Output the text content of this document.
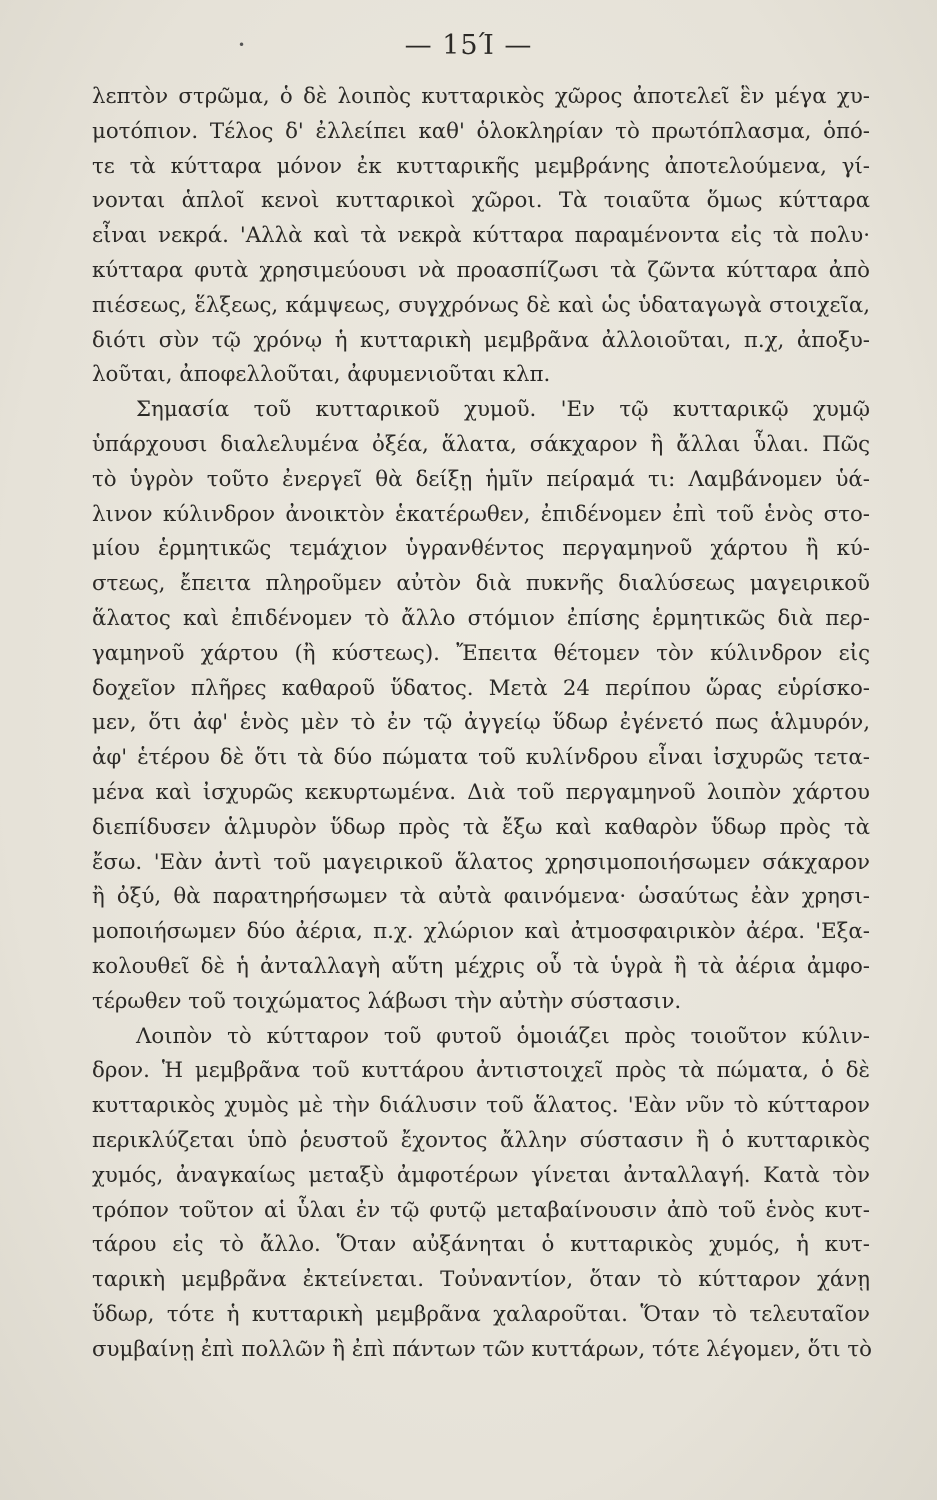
•	— 15Ί —
λεπτὸν στρῶμα, ὁ δὲ λοιπὸς κυτταρικὸς χῶρος ἀποτελεῖ ἓν μέγα χυ-
μοτόπιον. Τέλος δ' ἐλλείπει καθ' ὁλοκληρίαν τὸ πρωτόπλασμα, ὁπό-
τε τὰ κύτταρα μόνον ἐκ κυτταρικῆς μεμβράνης ἀποτελούμενα, γί-
νονται ἁπλοῖ κενοὶ κυτταρικοὶ χῶροι. Τὰ τοιαῦτα ὅμως κύτταρα
εἶναι νεκρά. 'Αλλὰ καὶ τὰ νεκρὰ κύτταρα παραμένοντα εἰς τὰ πολυ·
κύτταρα φυτὰ χρησιμεύουσι νὰ προασπίζωσι τὰ ζῶντα κύτταρα ἀπὸ
πιέσεως, ἕλξεως, κάμψεως, συγχρόνως δὲ καὶ ὡς ὑδαταγωγὰ στοιχεῖα,
διότι σὺν τῷ χρόνῳ ἡ κυτταρικὴ μεμβρᾶνα ἀλλοιοῦται, π.χ, ἀποξυ-
λοῦται, ἀποφελλοῦται, ἀφυμενιοῦται κλπ.
Σημασία τοῦ κυτταρικοῦ χυμοῦ. 'Εν τῷ κυτταρικῷ χυμῷ
ὑπάρχουσι διαλελυμένα ὀξέα, ἅλατα, σάκχαρον ἢ ἄλλαι ὗλαι. Πῶς
τὸ ὑγρὸν τοῦτο ἐνεργεῖ θὰ δείξῃ ἡμῖν πείραμά τι: Λαμβάνομεν ὑά-
λινον κύλινδρον ἀνοικτὸν ἑκατέρωθεν, ἐπιδένομεν ἐπὶ τοῦ ἑνὸς στο-
μίου ἑρμητικῶς τεμάχιον ὑγρανθέντος περγαμηνοῦ χάρτου ἢ κύ-
στεως, ἔπειτα πληροῦμεν αὐτὸν διὰ πυκνῆς διαλύσεως μαγειρικοῦ
ἅλατος καὶ ἐπιδένομεν τὸ ἄλλο στόμιον ἐπίσης ἑρμητικῶς διὰ περ-
γαμηνοῦ χάρτου (ἢ κύστεως). Ἔπειτα θέτομεν τὸν κύλινδρον εἰς
δοχεῖον πλῆρες καθαροῦ ὕδατος. Μετὰ 24 περίπου ὥρας εὑρίσκο-
μεν, ὅτι ἀφ' ἑνὸς μὲν τὸ ἐν τῷ ἀγγείῳ ὕδωρ ἐγένετό πως ἁλμυρόν,
ἀφ' ἑτέρου δὲ ὅτι τὰ δύο πώματα τοῦ κυλίνδρου εἶναι ἰσχυρῶς τετα-
μένα καὶ ἰσχυρῶς κεκυρτωμένα. Διὰ τοῦ περγαμηνοῦ λοιπὸν χάρτου
διεπίδυσεν ἁλμυρὸν ὕδωρ πρὸς τὰ ἔξω καὶ καθαρὸν ὕδωρ πρὸς τὰ
ἔσω. 'Εὰν ἀντὶ τοῦ μαγειρικοῦ ἅλατος χρησιμοποιήσωμεν σάκχαρον
ἢ ὀξύ, θὰ παρατηρήσωμεν τὰ αὐτὰ φαινόμενα· ὡσαύτως ἐὰν χρησι-
μοποιήσωμεν δύο ἀέρια, π.χ. χλώριον καὶ ἀτμοσφαιρικὸν ἀέρα. 'Εξα-
κολουθεῖ δὲ ἡ ἀνταλλαγὴ αὕτη μέχρις οὗ τὰ ὑγρὰ ἢ τὰ ἀέρια ἀμφο-
τέρωθεν τοῦ τοιχώματος λάβωσι τὴν αὐτὴν σύστασιν.
Λοιπὸν τὸ κύτταρον τοῦ φυτοῦ ὁμοιάζει πρὸς τοιοῦτον κύλιν-
δρον. Ἡ μεμβρᾶνα τοῦ κυττάρου ἀντιστοιχεῖ πρὸς τὰ πώματα, ὁ δὲ
κυτταρικὸς χυμὸς μὲ τὴν διάλυσιν τοῦ ἅλατος. 'Εὰν νῦν τὸ κύτταρον
περικλύζεται ὑπὸ ῥευστοῦ ἔχοντος ἄλλην σύστασιν ἢ ὁ κυτταρικὸς
χυμός, ἀναγκαίως μεταξὺ ἀμφοτέρων γίνεται ἀνταλλαγή. Κατὰ τὸν
τρόπον τοῦτον αἱ ὗλαι ἐν τῷ φυτῷ μεταβαίνουσιν ἀπὸ τοῦ ἑνὸς κυτ-
τάρου εἰς τὸ ἄλλο. Ὅταν αὐξάνηται ὁ κυτταρικὸς χυμός, ἡ κυτ-
ταρικὴ μεμβρᾶνα ἐκτείνεται. Τοὐναντίον, ὅταν τὸ κύτταρον χάνῃ
ὕδωρ, τότε ἡ κυτταρικὴ μεμβρᾶνα χαλαροῦται. Ὅταν τὸ τελευταῖον
συμβαίνῃ ἐπὶ πολλῶν ἢ ἐπὶ πάντων τῶν κυττάρων, τότε λέγομεν, ὅτι τὸ
